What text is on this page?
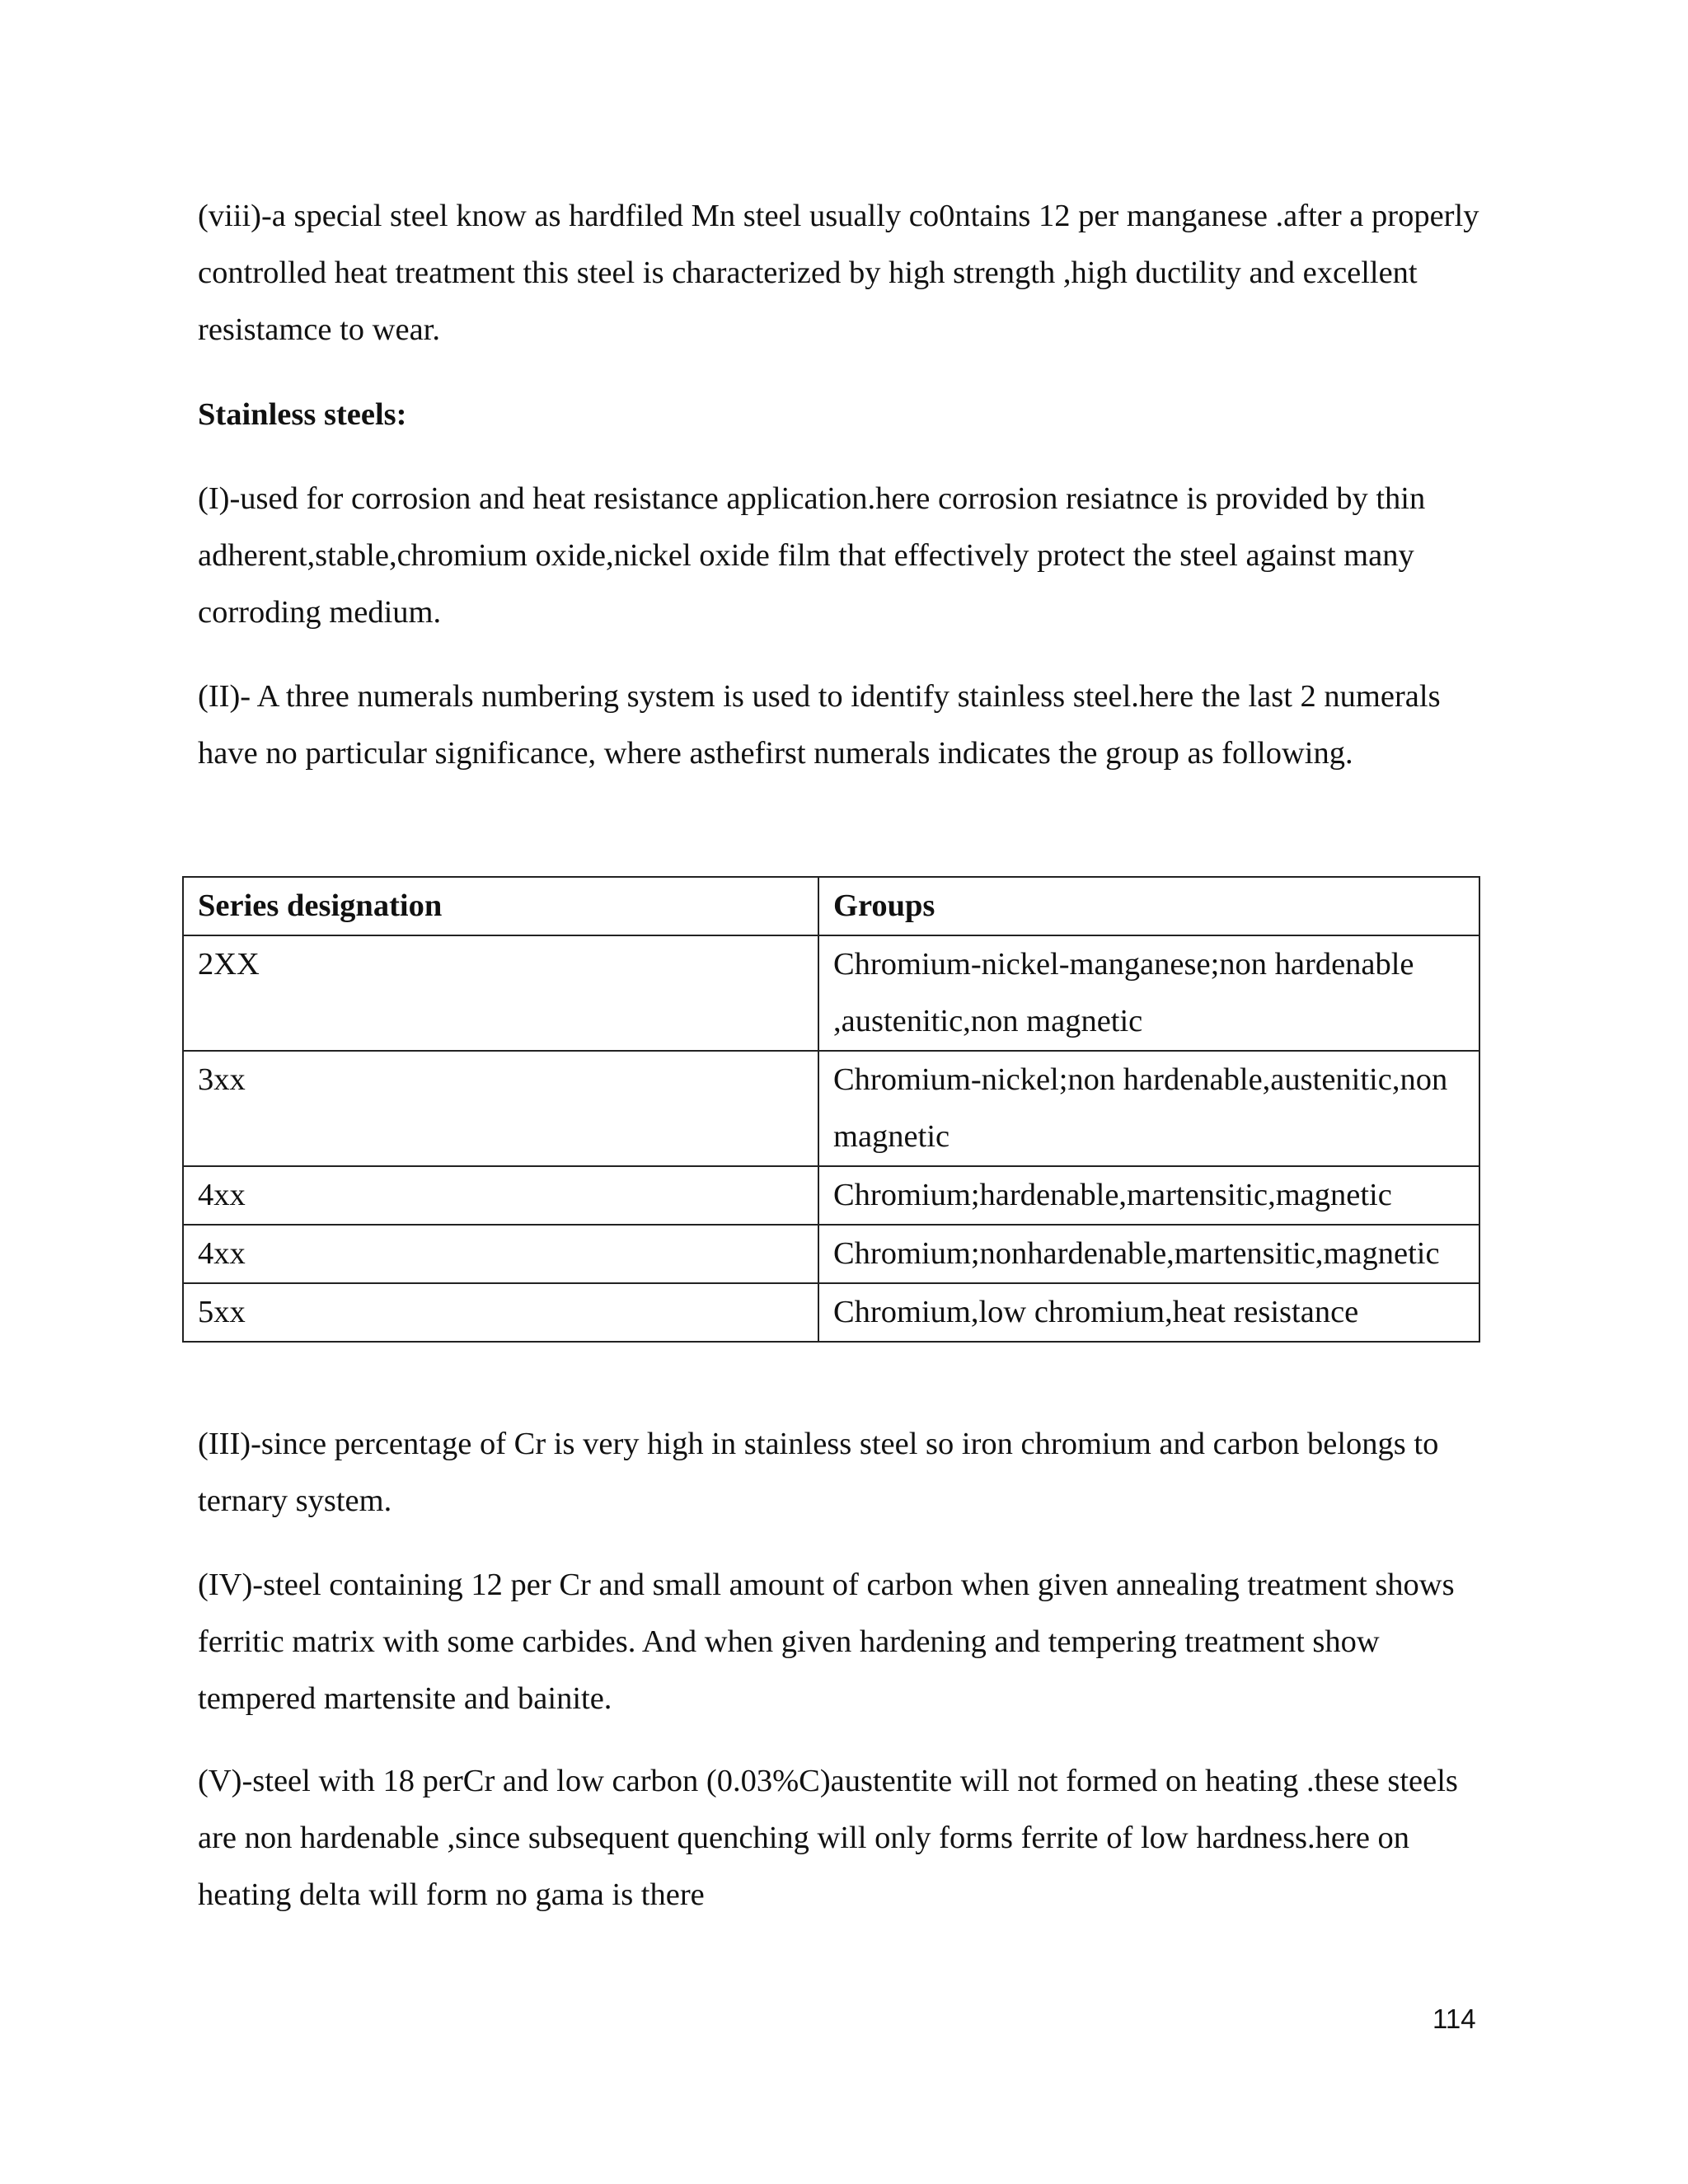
(viii)-a special steel know as hardfiled Mn steel usually co0ntains 12 per manganese .after a properly controlled heat treatment this steel is characterized by high strength ,high ductility and excellent resistamce to wear.

Stainless steels:

(I)-used for corrosion and heat resistance application.here corrosion resiatnce is provided by thin adherent,stable,chromium oxide,nickel oxide film that effectively protect the steel against many corroding medium.

(II)- A three numerals numbering system is used to identify stainless steel.here the last 2 numerals have no particular significance, where asthefirst numerals indicates the group as following.

Series designation	Groups
2XX	Chromium-nickel-manganese;non hardenable ,austenitic,non magnetic
3xx	Chromium-nickel;non hardenable,austenitic,non magnetic
4xx	Chromium;hardenable,martensitic,magnetic
4xx	Chromium;nonhardenable,martensitic,magnetic
5xx	Chromium,low chromium,heat resistance

(III)-since percentage of Cr is very high in stainless steel so iron chromium and carbon belongs to ternary system.

(IV)-steel containing 12 per Cr and small amount of carbon when given annealing treatment shows ferritic matrix with some carbides. And when given hardening and tempering treatment show tempered martensite and bainite.

(V)-steel with 18 perCr and low carbon (0.03%C)austentite will not formed on heating .these steels are non hardenable ,since subsequent quenching will only forms ferrite of low hardness.here on heating delta will form no gama is there

114
